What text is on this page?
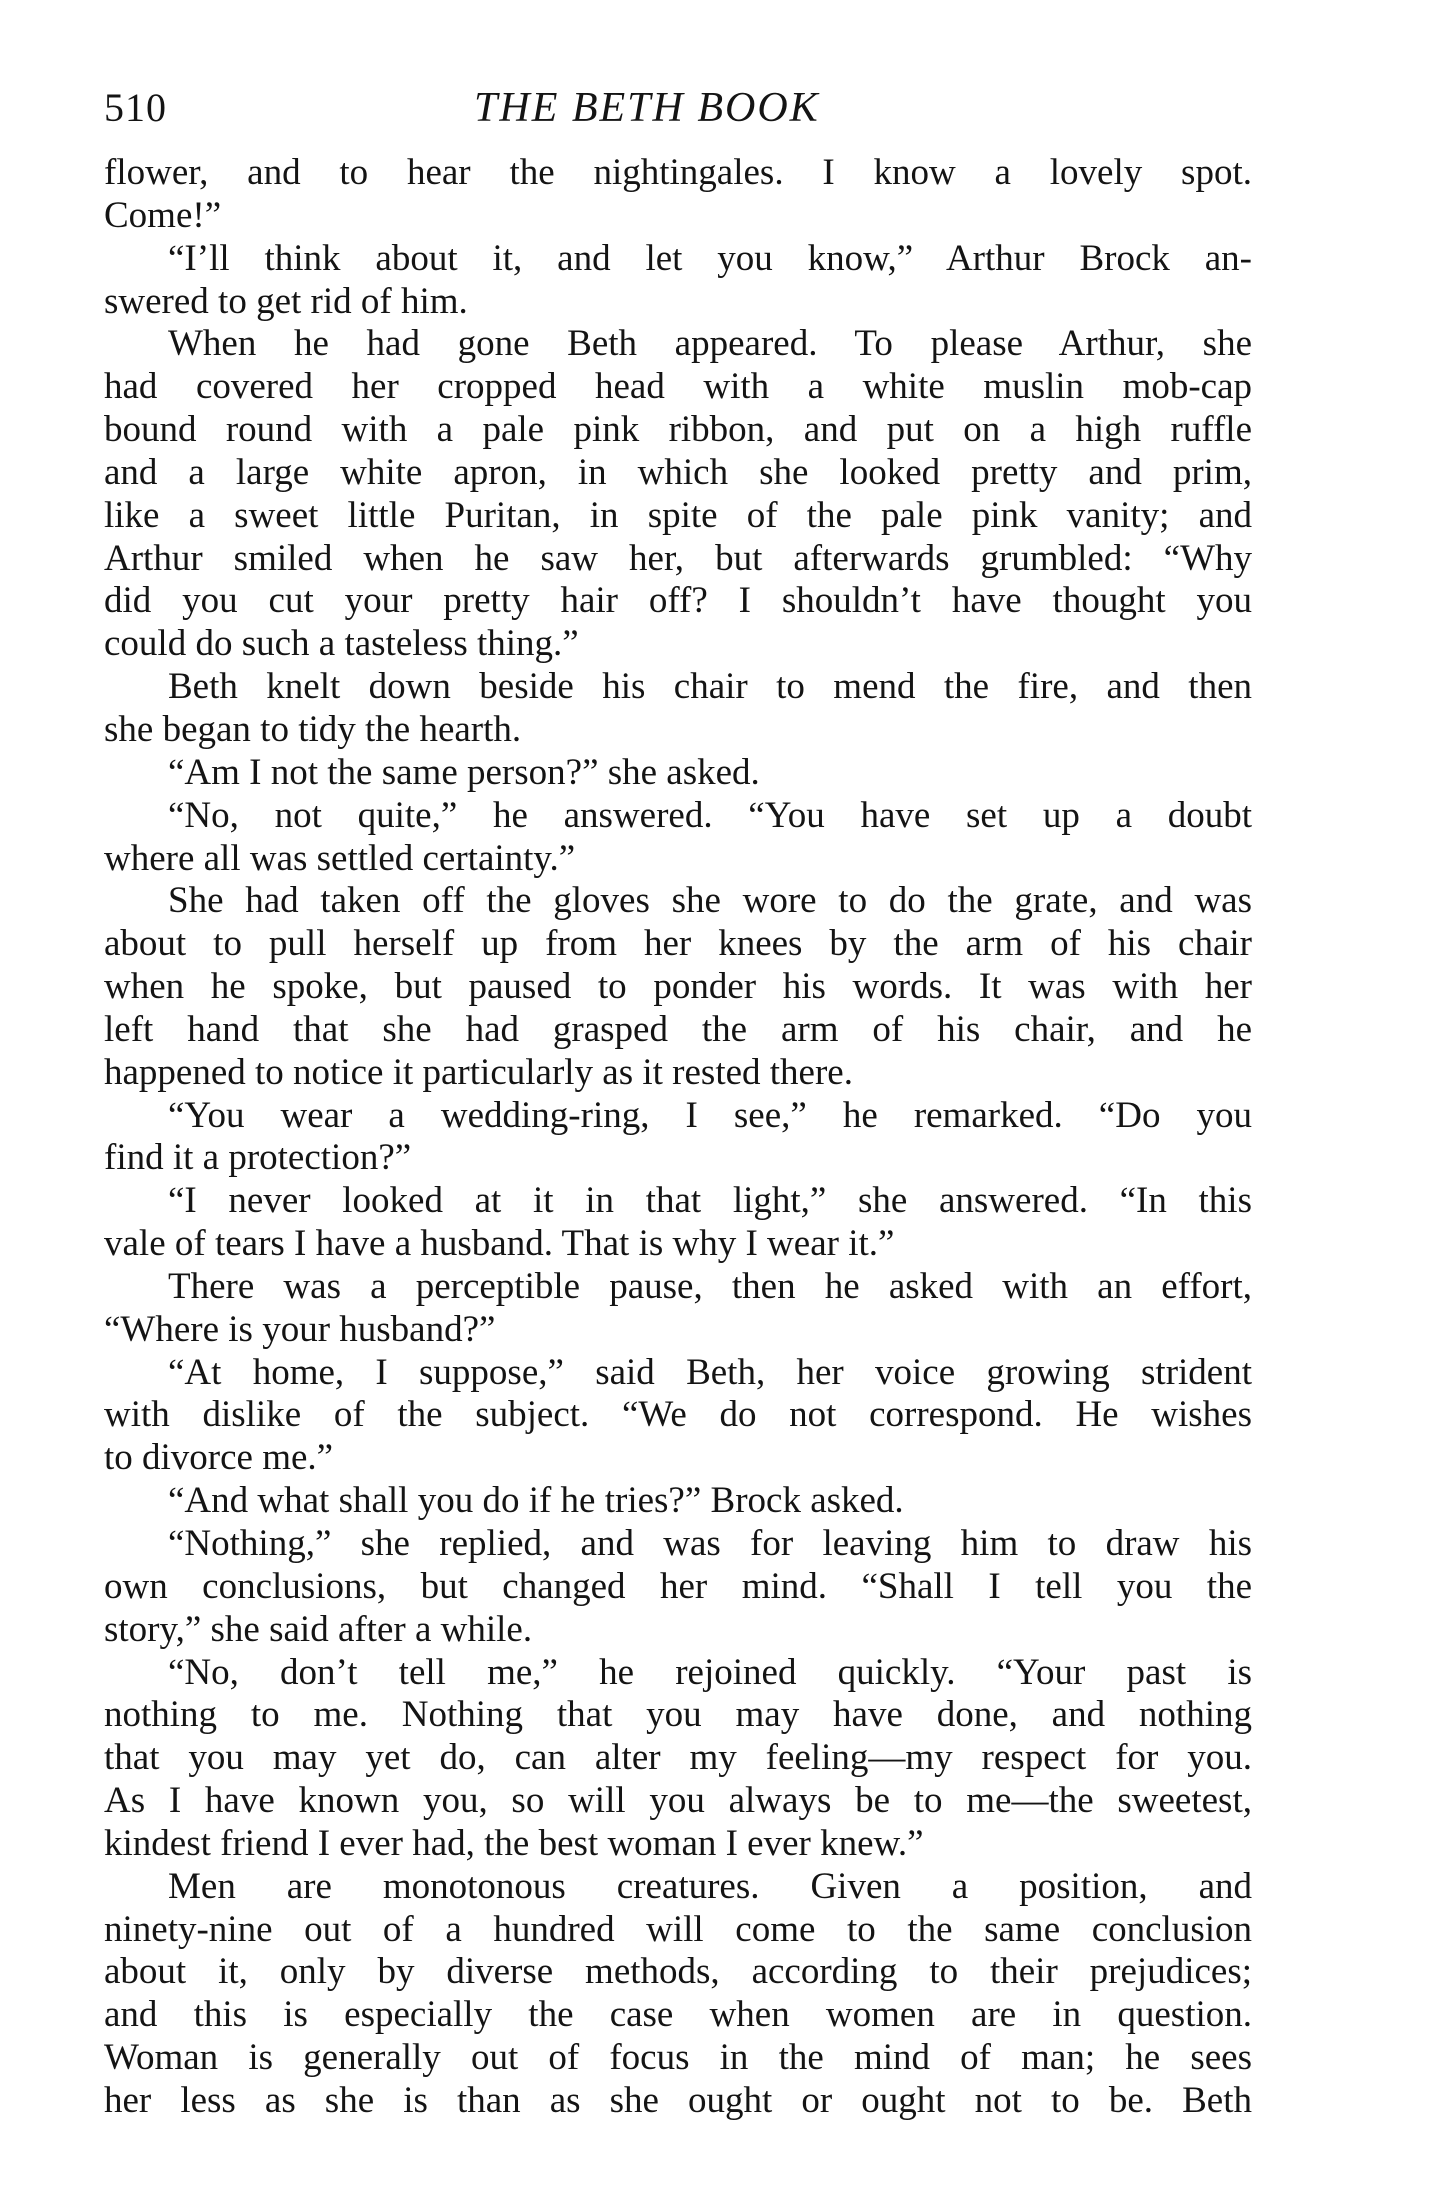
510	THE BETH BOOK
flower, and to hear the nightingales. I know a lovely spot.
Come!”
“I’ll think about it, and let you know,” Arthur Brock an-
swered to get rid of him.
When he had gone Beth appeared. To please Arthur, she
had covered her cropped head with a white muslin mob-cap
bound round with a pale pink ribbon, and put on a high ruffle
and a large white apron, in which she looked pretty and prim,
like a sweet little Puritan, in spite of the pale pink vanity; and
Arthur smiled when he saw her, but afterwards grumbled: “Why
did you cut your pretty hair off? I shouldn’t have thought you
could do such a tasteless thing.”
Beth knelt down beside his chair to mend the fire, and then
she began to tidy the hearth.
“Am I not the same person?” she asked.
“No, not quite,” he answered. “You have set up a doubt
where all was settled certainty.”
She had taken off the gloves she wore to do the grate, and was
about to pull herself up from her knees by the arm of his chair
when he spoke, but paused to ponder his words. It was with her
left hand that she had grasped the arm of his chair, and he
happened to notice it particularly as it rested there.
“You wear a wedding-ring, I see,” he remarked. “Do you
find it a protection?”
“I never looked at it in that light,” she answered. “In this
vale of tears I have a husband. That is why I wear it.”
There was a perceptible pause, then he asked with an effort,
“Where is your husband?”
“At home, I suppose,” said Beth, her voice growing strident
with dislike of the subject. “We do not correspond. He wishes
to divorce me.”
“And what shall you do if he tries?” Brock asked.
“Nothing,” she replied, and was for leaving him to draw his
own conclusions, but changed her mind. “Shall I tell you the
story,” she said after a while.
“No, don’t tell me,” he rejoined quickly. “Your past is
nothing to me. Nothing that you may have done, and nothing
that you may yet do, can alter my feeling—my respect for you.
As I have known you, so will you always be to me—the sweetest,
kindest friend I ever had, the best woman I ever knew.”
Men are monotonous creatures. Given a position, and
ninety-nine out of a hundred will come to the same conclusion
about it, only by diverse methods, according to their prejudices;
and this is especially the case when women are in question.
Woman is generally out of focus in the mind of man; he sees
her less as she is than as she ought or ought not to be. Beth
